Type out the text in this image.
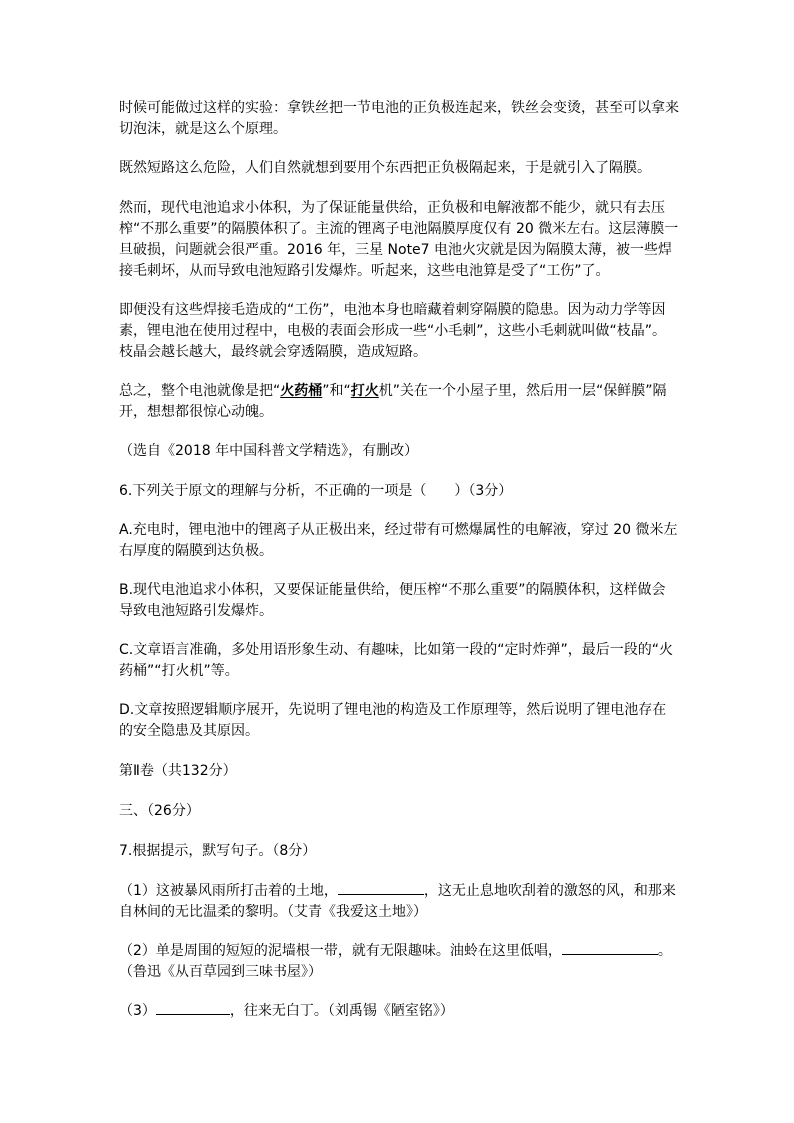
时候可能做过这样的实验：拿铁丝把一节电池的正负极连起来，铁丝会变烫，甚至可以拿来切泡沫，就是这么个原理。

既然短路这么危险，人们自然就想到要用个东西把正负极隔起来，于是就引入了隔膜。

然而，现代电池追求小体积，为了保证能量供给，正负极和电解液都不能少，就只有去压榨“不那么重要”的隔膜体积了。主流的锂离子电池隔膜厚度仅有 20 微米左右。这层薄膜一旦破损，问题就会很严重。2016 年，三星 Note7 电池火灾就是因为隔膜太薄，被一些焊接毛刺坏，从而导致电池短路引发爆炸。听起来，这些电池算是受了“工伤”了。

即便没有这些焊接毛造成的“工伤”，电池本身也暗藏着刺穿隔膜的隐患。因为动力学等因素，锂电池在使用过程中，电极的表面会形成一些“小毛刺”，这些小毛刺就叫做“枝晶”。枝晶会越长越大，最终就会穿透隔膜，造成短路。

总之，整个电池就像是把“火药桶”和“打火机”关在一个小屋子里，然后用一层“保鲜膜”隔开，想想都很惊心动魄。

（选自《2018 年中国科普文学精选》，有删改）

6.下列关于原文的理解与分析，不正确的一项是（　　）（3分）

A.充电时，锂电池中的锂离子从正极出来，经过带有可燃爆属性的电解液，穿过 20 微米左右厚度的隔膜到达负极。

B.现代电池追求小体积，又要保证能量供给，便压榨“不那么重要”的隔膜体积，这样做会导致电池短路引发爆炸。

C.文章语言准确，多处用语形象生动、有趣味，比如第一段的“定时炸弹”，最后一段的“火药桶”“打火机”等。

D.文章按照逻辑顺序展开，先说明了锂电池的构造及工作原理等，然后说明了锂电池存在的安全隐患及其原因。

第Ⅱ卷（共132分）

三、（26分）

7.根据提示，默写句子。（8分）

（1）这被暴风雨所打击着的土地，	，这无止息地吹刮着的激怒的风，和那来自林间的无比温柔的黎明。（艾青《我爱这土地》）

（2）单是周围的短短的泥墙根一带，就有无限趣味。油蛉在这里低唱，	。（鲁迅《从百草园到三味书屋》）

（3）	，往来无白丁。（刘禹锡《陋室铭》）
